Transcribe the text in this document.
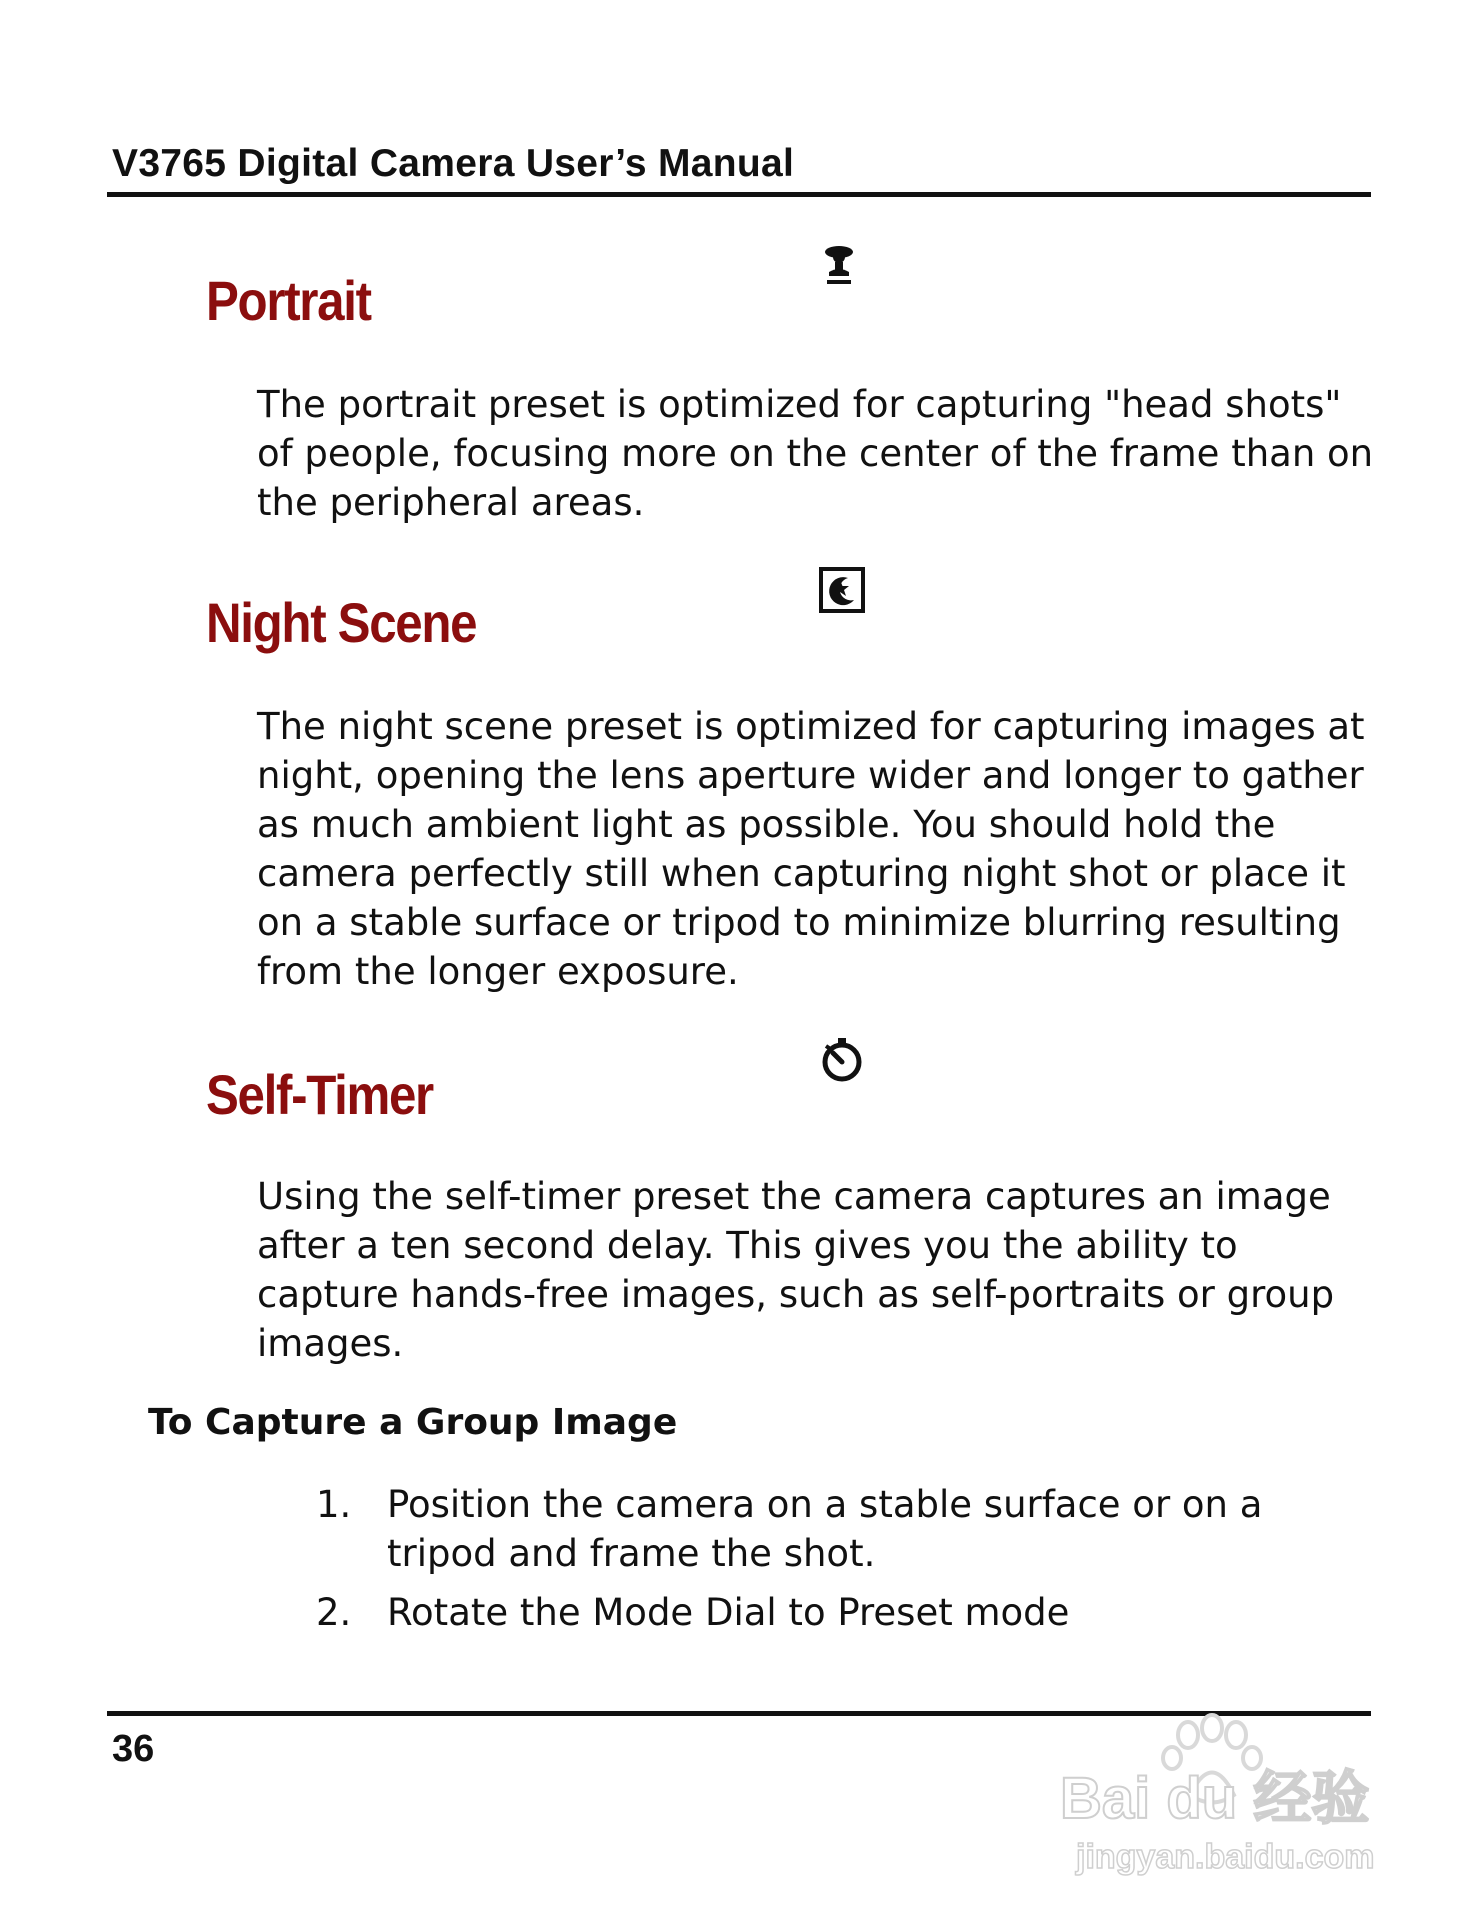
V3765 Digital Camera User’s Manual
Portrait

The portrait preset is optimized for capturing "head shots" of people, focusing more on the center of the frame than on the peripheral areas.

Night Scene

The night scene preset is optimized for capturing images at night, opening the lens aperture wider and longer to gather as much ambient light as possible. You should hold the camera perfectly still when capturing night shot or place it on a stable surface or tripod to minimize blurring resulting from the longer exposure.

Self-Timer

Using the self-timer preset the camera captures an image after a ten second delay. This gives you the ability to capture hands-free images, such as self-portraits or group images.

To Capture a Group Image
1. Position the camera on a stable surface or on a tripod and frame the shot.

2. Rotate the Mode Dial to Preset mode

36
Bai du 经验
jingyan.baidu.com
